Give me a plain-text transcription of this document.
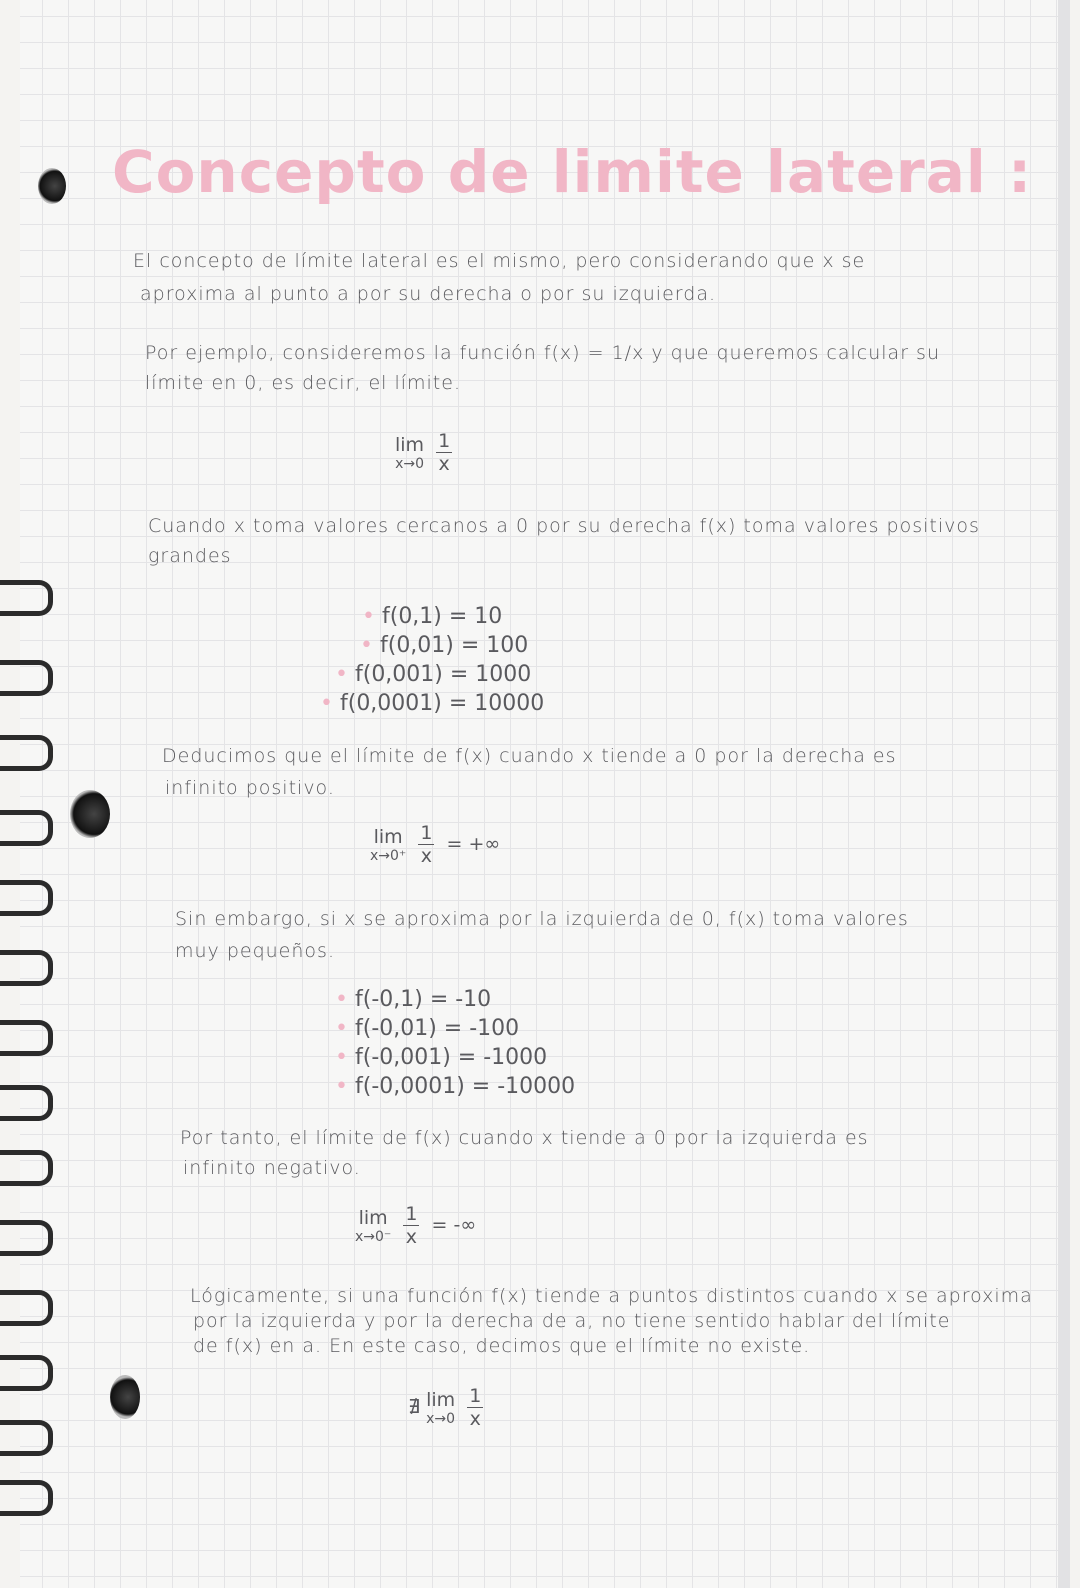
Concepto de limite lateral :
El concepto de límite lateral es el mismo, pero considerando que x se
aproxima al punto a por su derecha o por su izquierda.
Por ejemplo, consideremos la función f(x) = 1/x y que queremos calcular su
límite en 0, es decir, el límite.
lim
x→0
$\frac{1}{x}$
Cuando x toma valores cercanos a 0 por su derecha f(x) toma valores positivos
grandes
• f(0,1) = 10
• f(0,01) = 100
• f(0,001) = 1000
• f(0,0001) = 10000
Deducimos que el límite de f(x) cuando x tiende a 0 por la derecha es
infinito positivo.
lim
x→0⁺
$\frac{1}{x}$ = +∞
Sin embargo, si x se aproxima por la izquierda de 0, f(x) toma valores
muy pequeños.
• f(-0,1) = -10
• f(-0,01) = -100
• f(-0,001) = -1000
• f(-0,0001) = -10000
Por tanto, el límite de f(x) cuando x tiende a 0 por la izquierda es
infinito negativo.
lim
x→0⁻
$\frac{1}{x}$ = -∞
Lógicamente, si una función f(x) tiende a puntos distintos cuando x se aproxima
por la izquierda y por la derecha de a, no tiene sentido hablar del límite
de f(x) en a. En este caso, decimos que el límite no existe.
∄ lim
x→0
$\frac{1}{x}$
